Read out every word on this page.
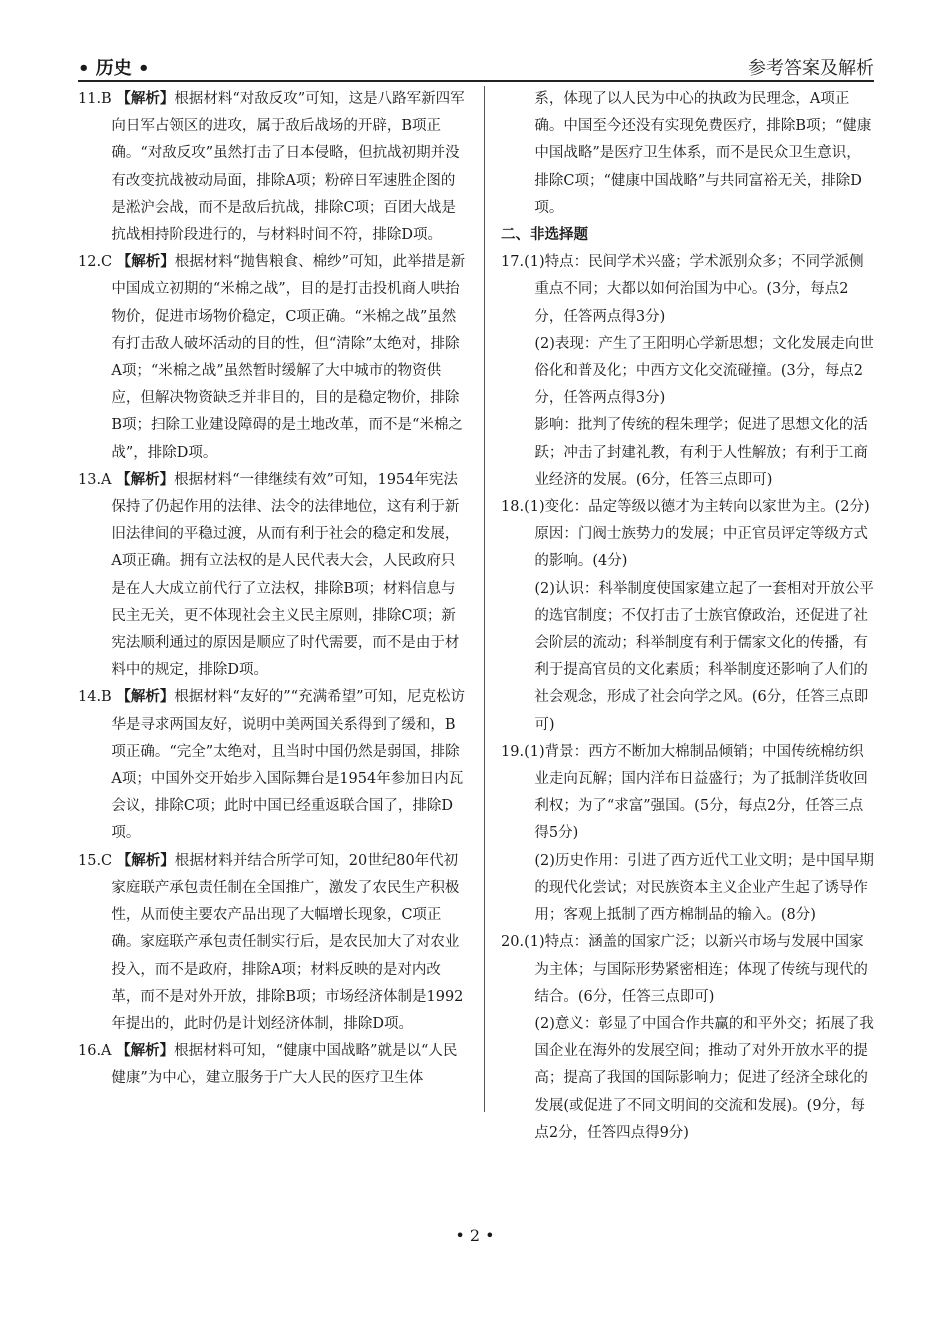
• 历史 •	参考答案及解析

11.B 【解析】根据材料“对敌反攻”可知，这是八路军新四军向日军占领区的进攻，属于敌后战场的开辟，B项正确。“对敌反攻”虽然打击了日本侵略，但抗战初期并没有改变抗战被动局面，排除A项；粉碎日军速胜企图的是淞沪会战，而不是敌后抗战，排除C项；百团大战是抗战相持阶段进行的，与材料时间不符，排除D项。

12.C 【解析】根据材料“抛售粮食、棉纱”可知，此举措是新中国成立初期的“米棉之战”，目的是打击投机商人哄抬物价，促进市场物价稳定，C项正确。“米棉之战”虽然有打击敌人破坏活动的目的性，但“清除”太绝对，排除A项；“米棉之战”虽然暂时缓解了大中城市的物资供应，但解决物资缺乏并非目的，目的是稳定物价，排除B项；扫除工业建设障碍的是土地改革，而不是“米棉之战”，排除D项。

13.A 【解析】根据材料“一律继续有效”可知，1954年宪法保持了仍起作用的法律、法令的法律地位，这有利于新旧法律间的平稳过渡，从而有利于社会的稳定和发展，A项正确。拥有立法权的是人民代表大会，人民政府只是在人大成立前代行了立法权，排除B项；材料信息与民主无关，更不体现社会主义民主原则，排除C项；新宪法顺利通过的原因是顺应了时代需要，而不是由于材料中的规定，排除D项。

14.B 【解析】根据材料“友好的”“充满希望”可知，尼克松访华是寻求两国友好，说明中美两国关系得到了缓和，B项正确。“完全”太绝对，且当时中国仍然是弱国，排除A项；中国外交开始步入国际舞台是1954年参加日内瓦会议，排除C项；此时中国已经重返联合国了，排除D项。

15.C 【解析】根据材料并结合所学可知，20世纪80年代初家庭联产承包责任制在全国推广，激发了农民生产积极性，从而使主要农产品出现了大幅增长现象，C项正确。家庭联产承包责任制实行后，是农民加大了对农业投入，而不是政府，排除A项；材料反映的是对内改革，而不是对外开放，排除B项；市场经济体制是1992年提出的，此时仍是计划经济体制，排除D项。

16.A 【解析】根据材料可知，“健康中国战略”就是以“人民健康”为中心，建立服务于广大人民的医疗卫生体

系，体现了以人民为中心的执政为民理念，A项正确。中国至今还没有实现免费医疗，排除B项；“健康中国战略”是医疗卫生体系，而不是民众卫生意识，排除C项；“健康中国战略”与共同富裕无关，排除D项。

二、非选择题

17.(1)特点：民间学术兴盛；学术派别众多；不同学派侧重点不同；大都以如何治国为中心。(3分，每点2分，任答两点得3分)

(2)表现：产生了王阳明心学新思想；文化发展走向世俗化和普及化；中西方文化交流碰撞。(3分，每点2分，任答两点得3分)

影响：批判了传统的程朱理学；促进了思想文化的活跃；冲击了封建礼教，有利于人性解放；有利于工商业经济的发展。(6分，任答三点即可)

18.(1)变化：品定等级以德才为主转向以家世为主。(2分)

原因：门阀士族势力的发展；中正官员评定等级方式的影响。(4分)

(2)认识：科举制度使国家建立起了一套相对开放公平的选官制度；不仅打击了士族官僚政治，还促进了社会阶层的流动；科举制度有利于儒家文化的传播，有利于提高官员的文化素质；科举制度还影响了人们的社会观念，形成了社会向学之风。(6分，任答三点即可)

19.(1)背景：西方不断加大棉制品倾销；中国传统棉纺织业走向瓦解；国内洋布日益盛行；为了抵制洋货收回利权；为了“求富”强国。(5分，每点2分，任答三点得5分)

(2)历史作用：引进了西方近代工业文明；是中国早期的现代化尝试；对民族资本主义企业产生起了诱导作用；客观上抵制了西方棉制品的输入。(8分)

20.(1)特点：涵盖的国家广泛；以新兴市场与发展中国家为主体；与国际形势紧密相连；体现了传统与现代的结合。(6分，任答三点即可)

(2)意义：彰显了中国合作共赢的和平外交；拓展了我国企业在海外的发展空间；推动了对外开放水平的提高；提高了我国的国际影响力；促进了经济全球化的发展(或促进了不同文明间的交流和发展)。(9分，每点2分，任答四点得9分)

• 2 •
